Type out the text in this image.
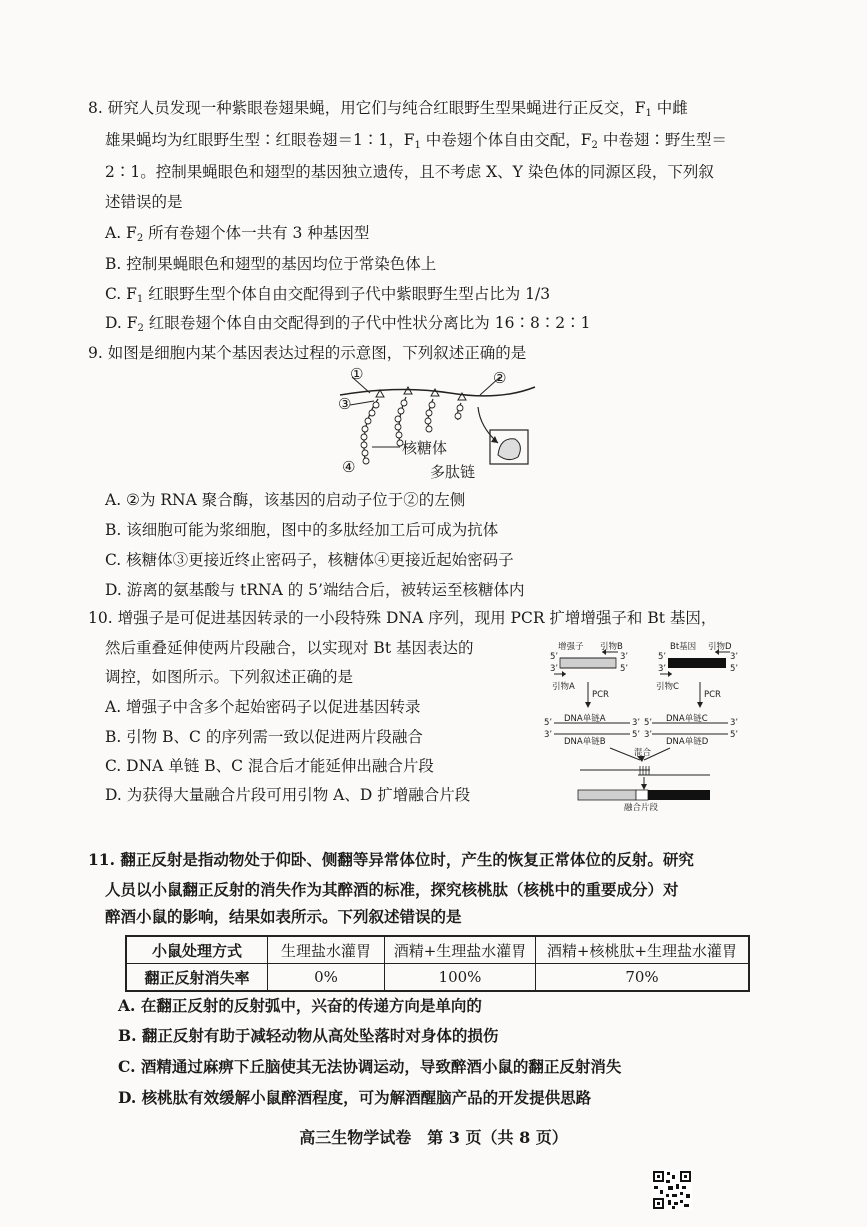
8. 研究人员发现一种紫眼卷翅果蝇，用它们与纯合红眼野生型果蝇进行正反交，$F_1$ 中雌
雄果蝇均为红眼野生型∶红眼卷翅＝1∶1，$F_1$ 中卷翅个体自由交配，$F_2$ 中卷翅∶野生型＝
2∶1。控制果蝇眼色和翅型的基因独立遗传，且不考虑 X、Y 染色体的同源区段，下列叙
述错误的是
A. $F_2$ 所有卷翅个体一共有 3 种基因型
B. 控制果蝇眼色和翅型的基因均位于常染色体上
C. $F_1$ 红眼野生型个体自由交配得到子代中紫眼野生型占比为 1/3
D. $F_2$ 红眼卷翅个体自由交配得到的子代中性状分离比为 16∶8∶2∶1
9. 如图是细胞内某个基因表达过程的示意图，下列叙述正确的是
①	②
③
④
核糖体
多肽链
A. ②为 RNA 聚合酶，该基因的启动子位于②的左侧
B. 该细胞可能为浆细胞，图中的多肽经加工后可成为抗体
C. 核糖体③更接近终止密码子，核糖体④更接近起始密码子
D. 游离的氨基酸与 tRNA 的 5’端结合后，被转运至核糖体内
10. 增强子是可促进基因转录的一小段特殊 DNA 序列，现用 PCR 扩增增强子和 Bt 基因，
然后重叠延伸使两片段融合，以实现对 Bt 基因表达的
调控，如图所示。下列叙述正确的是
A. 增强子中含多个起始密码子以促进基因转录
B. 引物 B、C 的序列需一致以促进两片段融合
C. DNA 单链 B、C 混合后才能延伸出融合片段
D. 为获得大量融合片段可用引物 A、D 扩增融合片段
增强子 引物B	Bt基因 引物D
5’
3’
3’
5’
5’
3’
3’
5’
引物A	引物C
PCR	PCR
DNA单链A	DNA单链C
DNA单链B	DNA单链D
5’
3’
3’
5’
5’
3’
3’
5’
混合
融合片段
11. 翻正反射是指动物处于仰卧、侧翻等异常体位时，产生的恢复正常体位的反射。研究
人员以小鼠翻正反射的消失作为其醉酒的标准，探究核桃肽（核桃中的重要成分）对
醉酒小鼠的影响，结果如表所示。下列叙述错误的是
小鼠处理方式	生理盐水灌胃	酒精+生理盐水灌胃	酒精+核桃肽+生理盐水灌胃
翻正反射消失率	0%	100%	70%
A. 在翻正反射的反射弧中，兴奋的传递方向是单向的
B. 翻正反射有助于减轻动物从高处坠落时对身体的损伤
C. 酒精通过麻痹下丘脑使其无法协调运动，导致醉酒小鼠的翻正反射消失
D. 核桃肽有效缓解小鼠醉酒程度，可为解酒醒脑产品的开发提供思路
高三生物学试卷　第 3 页（共 8 页）
